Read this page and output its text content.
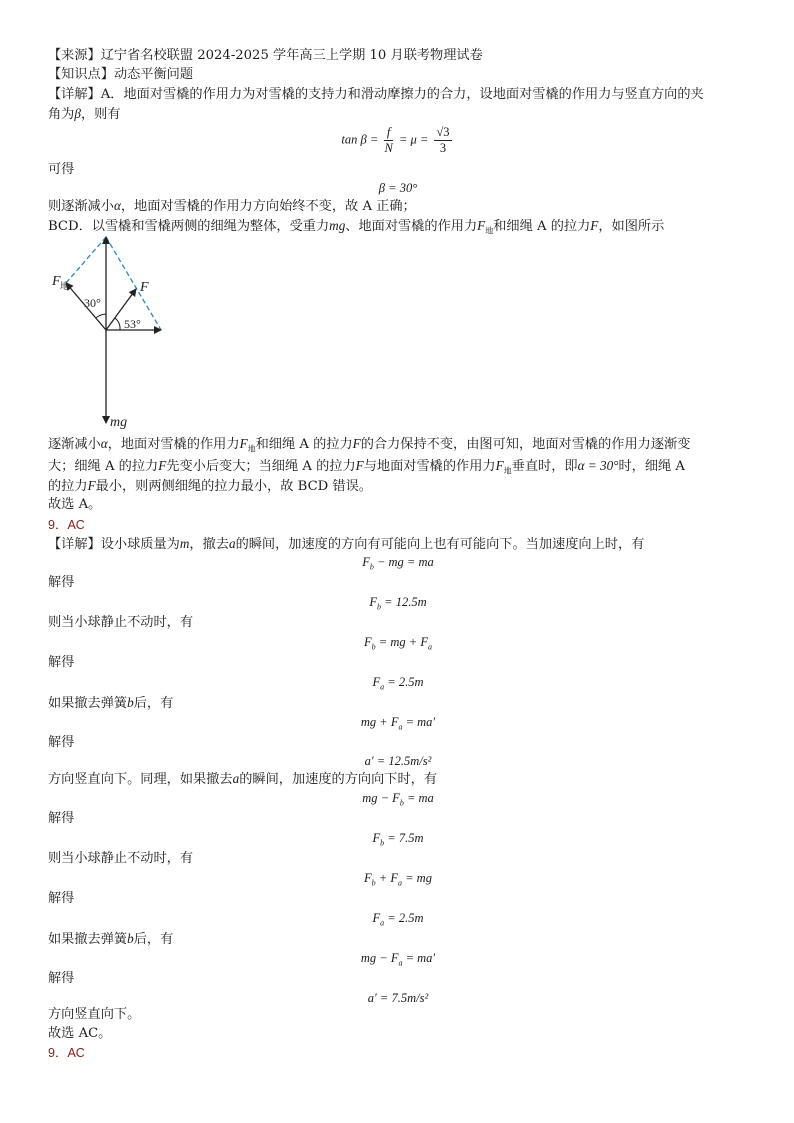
【来源】辽宁省名校联盟 2024-2025 学年高三上学期 10 月联考物理试卷
【知识点】动态平衡问题
【详解】A．地面对雪橇的作用力为对雪橇的支持力和滑动摩擦力的合力，设地面对雪橇的作用力与竖直方向的夹
角为β，则有
$\tan \beta = \frac{f}{N} = \mu = \frac{√3}{3}$
可得
β = 30°
则逐渐减小α，地面对雪橇的作用力方向始终不变，故 A 正确；
BCD．以雪橇和雪橇两侧的细绳为整体，受重力mg、地面对雪橇的作用力$F_地$和细绳 A 的拉力F，如图所示
F 地	F
30°
53°
mg
逐渐减小α，地面对雪橇的作用力$F_地$和细绳 A 的拉力F的合力保持不变，由图可知，地面对雪橇的作用力逐渐变
大；细绳 A 的拉力F先变小后变大；当细绳 A 的拉力F与地面对雪橇的作用力$F_地$垂直时，即α = 30°时，细绳 A
的拉力F最小，则两侧细绳的拉力最小，故 BCD 错误。
故选 A。
9．AC
【详解】设小球质量为m，撤去a的瞬间，加速度的方向有可能向上也有可能向下。当加速度向上时，有
$F_b$ − mg = ma
解得
$F_b = 12.5m$
则当小球静止不动时，有
$F_b$ = mg + $F_a$
解得
$F_a = 2.5m$
如果撤去弹簧b后，有
mg + $F_a = ma'$
解得
a′ = 12.5m/s²
方向竖直向下。同理，如果撤去a的瞬间，加速度的方向向下时，有
mg − $F_b$ = ma
解得
$F_b = 7.5m$
则当小球静止不动时，有
$F_b + F_a$ = mg
解得
$F_a = 2.5m$
如果撤去弹簧b后，有
mg − $F_a = ma'$
解得
a′ = 7.5m/s²
方向竖直向下。
故选 AC。
9．AC
